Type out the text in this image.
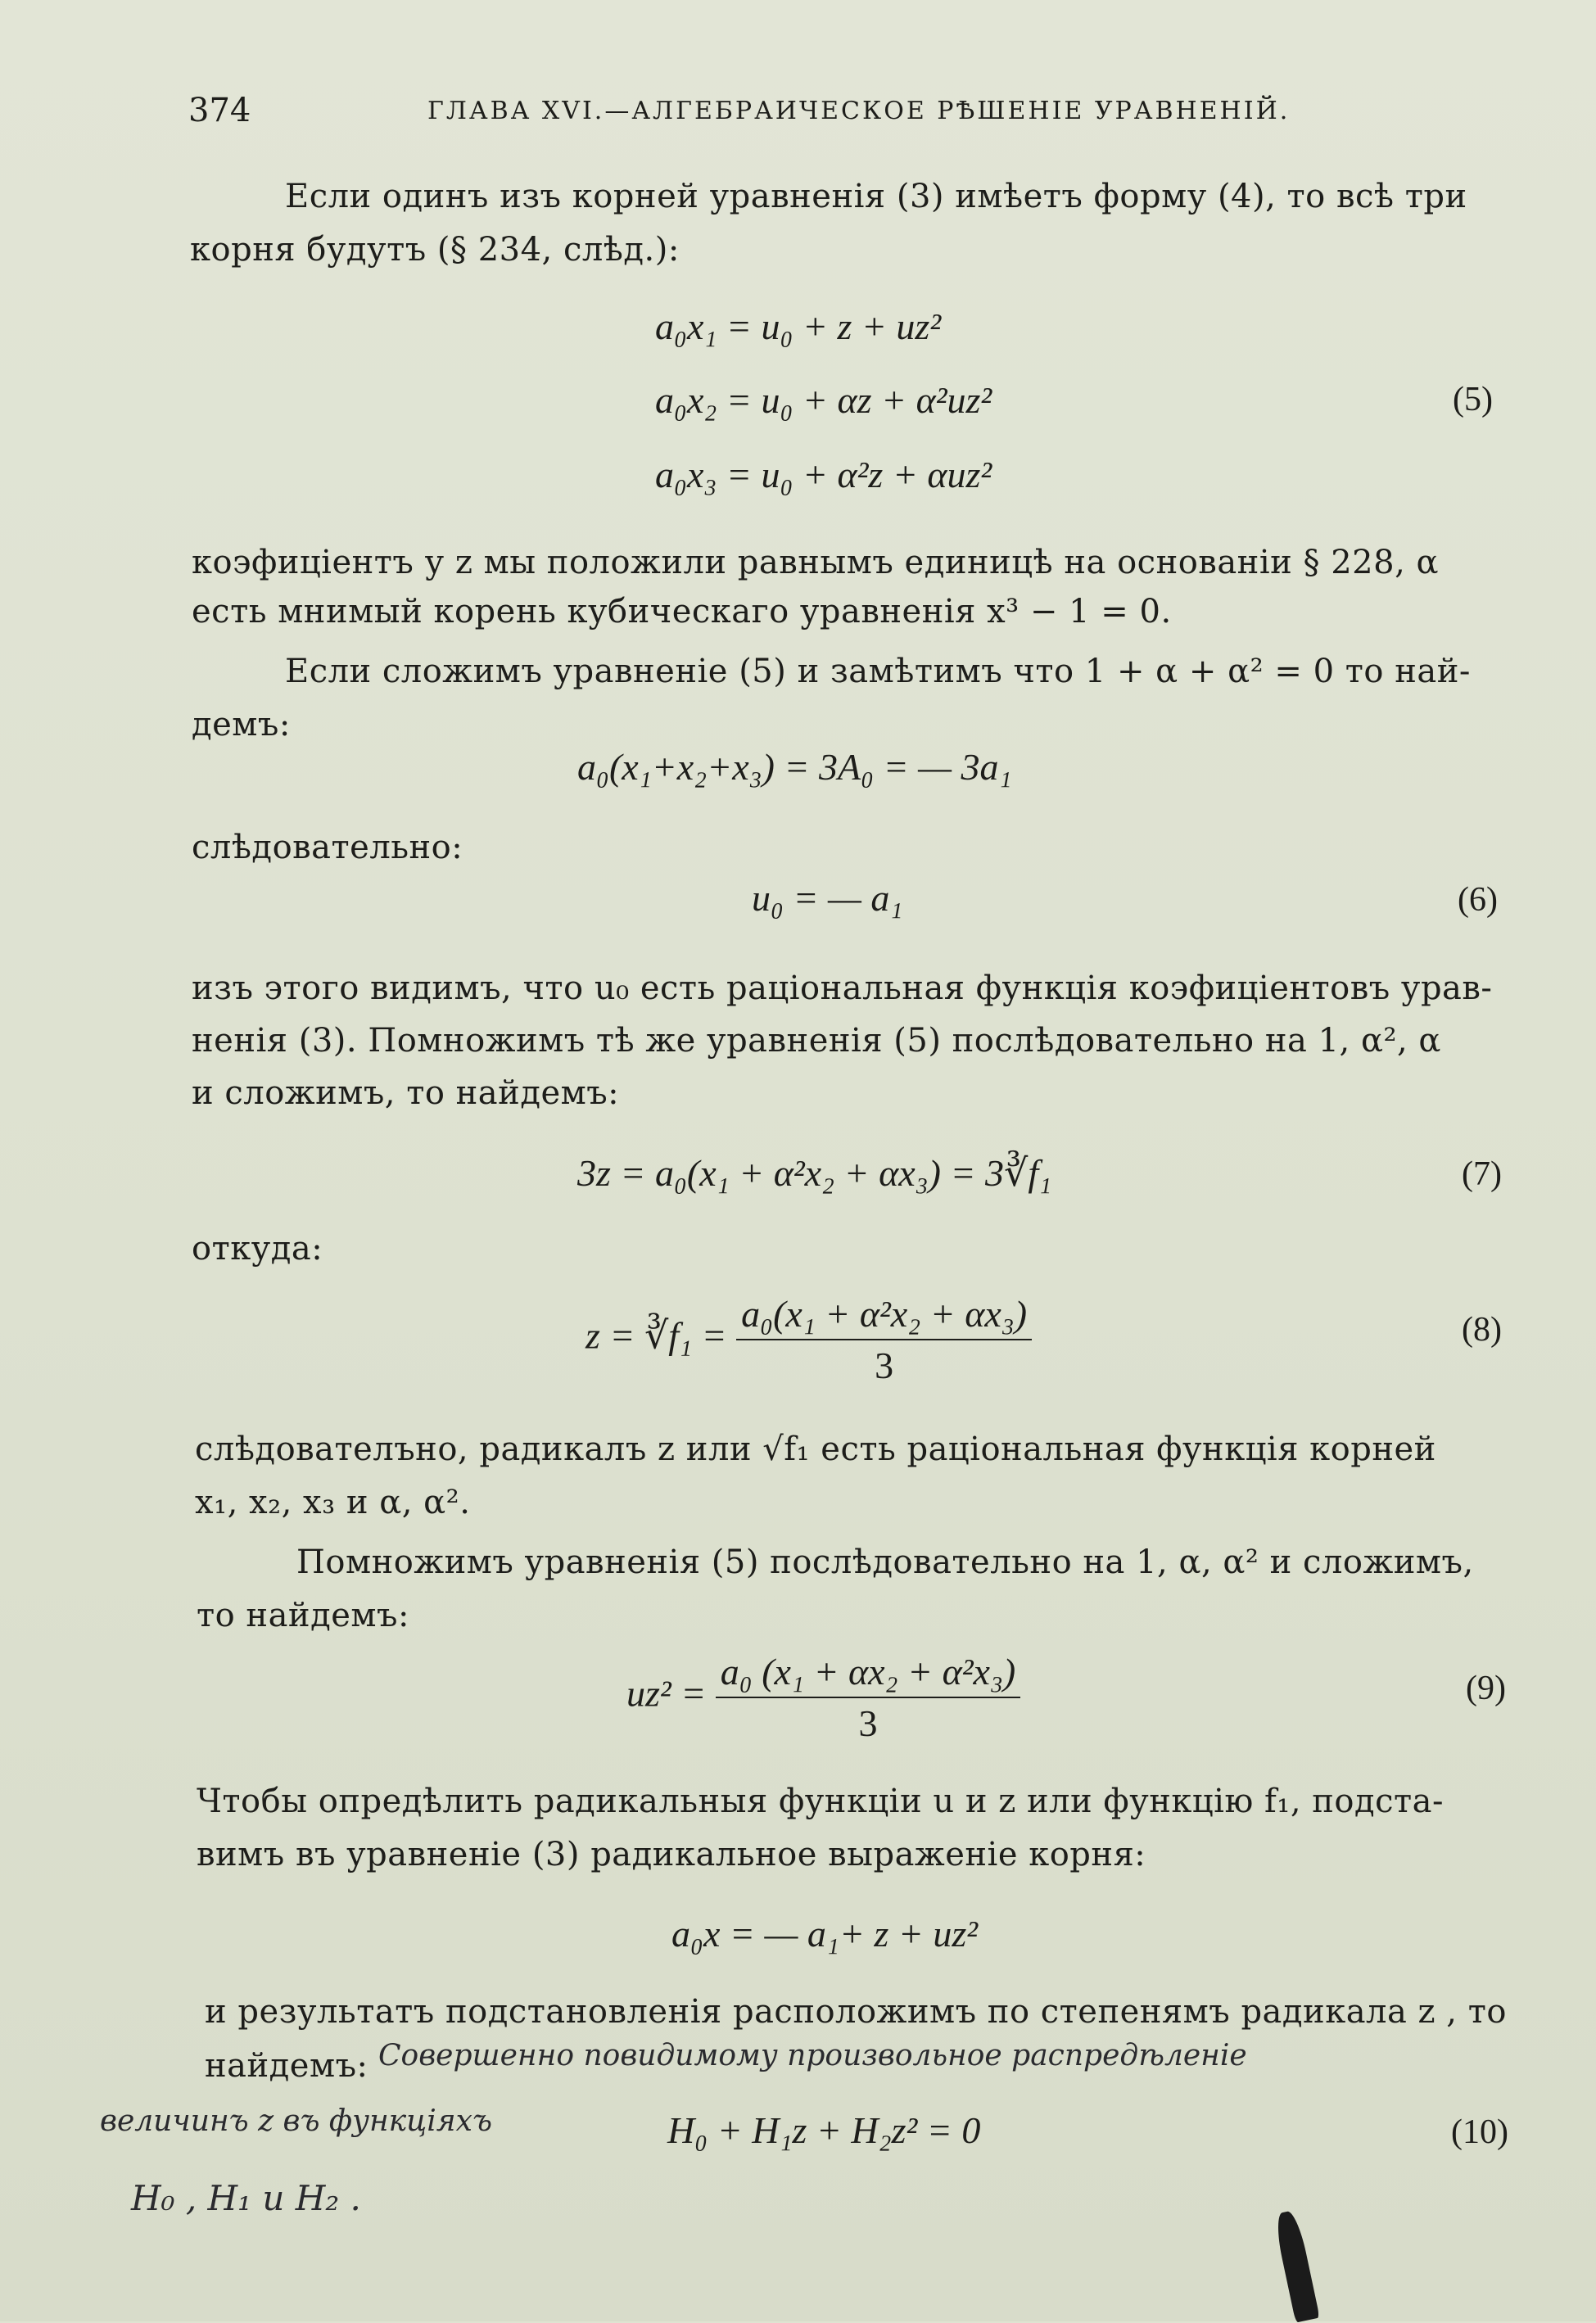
374	ГЛАВА XVI.—АЛГЕБРАИЧЕСКОЕ РѢШЕНІЕ УРАВНЕНІЙ.
Если одинъ изъ корней уравненія (3) имѣетъ форму (4), то всѣ три
корня будутъ (§ 234, слѣд.):
a₀x₁ = u₀ + z + uz²
a₀x₂ = u₀ + αz + α²uz²
a₀x₃ = u₀ + α²z + αuz²
(5)
коэфиціентъ у z мы положили равнымъ единицѣ на основаніи § 228, α
есть мнимый корень кубическаго уравненія x³ − 1 = 0.
Если сложимъ уравненіе (5) и замѣтимъ что 1 + α + α² = 0 то най-
демъ:
a₀(x₁+x₂+x₃) = 3A₀ = — 3a₁
слѣдовательно:
u₀ = — a₁	(6)
изъ этого видимъ, что u₀ есть раціональная функція коэфиціентовъ урав-
ненія (3). Помножимъ тѣ же уравненія (5) послѣдовательно на 1, α², α
и сложимъ, то найдемъ:
3z = a₀(x₁ + α²x₂ + αx₃) = 3∛f₁	(7)
откуда:
z = ∛f₁ = $\frac{\text{a₀(x₁ + α²x₂ + αx₃)}}{3}$	(8)
слѣдователъно, радикалъ z или √f₁ есть раціональная функція корней
x₁, x₂, x₃ и α, α².
Помножимъ уравненія (5) послѣдовательно на 1, α, α² и сложимъ,
то найдемъ:
$uz^2 = \frac{\text{a₀ (x₁ + αx₂ + α²x₃)}}{3}$	(9)
Чтобы опредѣлить радикальныя функціи u и z или функцію f₁, подста-
вимъ въ уравненіе (3) радикальное выраженіе корня:
a₀x = — a₁+ z + uz²
и результатъ подстановленія расположимъ по степенямъ радикала z , то
найдемъ: Совершенно повидимому произвольное распредѣленіе
величинъ z въ функціяхъ
H₀ , H₁ и H₂ .
H₀ + H₁z + H₂z² = 0	(10)
